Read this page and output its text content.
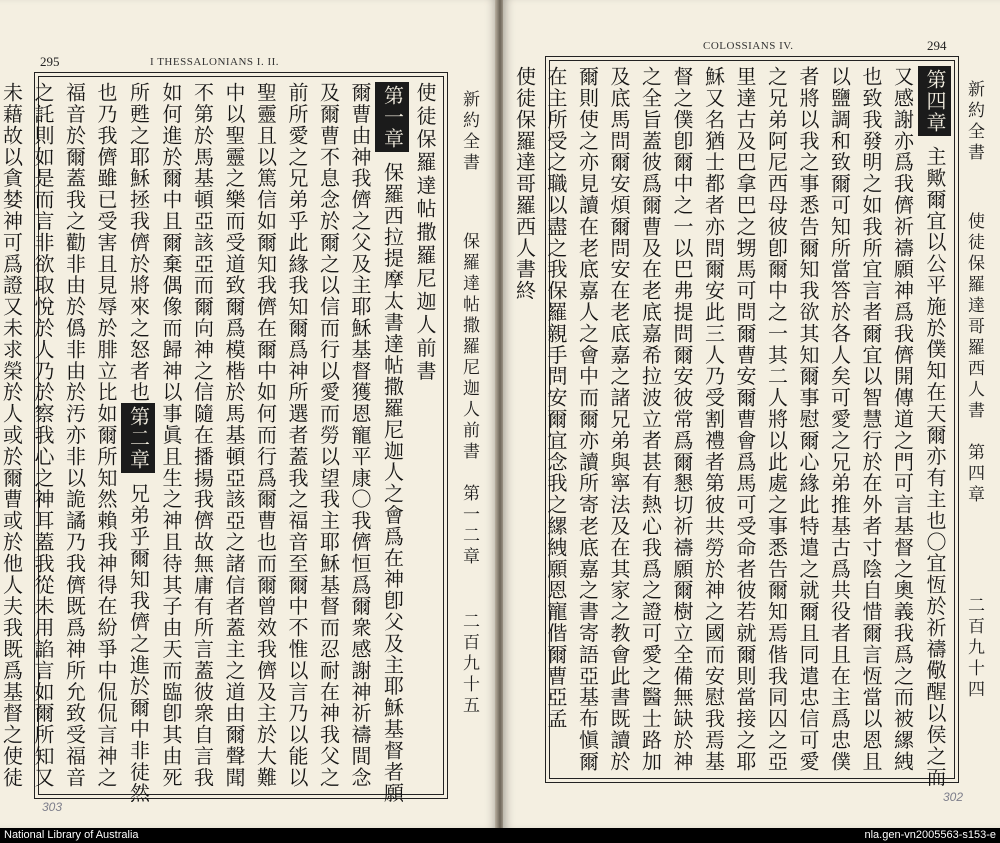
295	I THESSALONIANS I. II.
使徒保羅達帖撒羅尼迦人前書
第一章 保羅西拉提摩太書達帖撒羅尼迦人之會爲在神卽父及主耶穌基督者願
爾曹由神我儕之父及主耶穌基督獲恩寵平康〇我儕恒爲爾衆感謝神祈禱間念
及爾曹不息念於爾之以信而行以愛而勞以望我主耶穌基督而忍耐在神我父之
前所愛之兄弟乎此緣我知爾爲神所選者蓋我之福音至爾中不惟以言乃以能以
聖靈且以篤信如爾知我儕在爾中如何而行爲爾曹也而爾曾效我儕及主於大難
中以聖靈之樂而受道致爾爲模楷於馬基頓亞該亞之諸信者蓋主之道由爾聲聞
不第於馬基頓亞該亞而爾向神之信隨在播揚我儕故無庸有所言蓋彼衆自言我
如何進於爾中且爾棄偶像而歸神以事眞且生之神且待其子由天而臨卽其由死
所甦之耶穌拯我儕於將來之怒者也第二章 兄弟乎爾知我儕之進於爾中非徒然
也乃我儕雖已受害且見辱於腓立比如爾所知然賴我神得在紛爭中侃侃言神之
福音於爾蓋我之勸非由於僞非由於汚亦非以詭譎乃我儕既爲神所允致受福音
之託則如是而言非欲取悅於人乃於察我心之神耳蓋我從未用諂言如爾所知又
未藉故以貪婪神可爲證又未求榮於人或於爾曹或於他人夫我既爲基督之使徒	新約全書
保羅達帖撒羅尼迦人前書　第一二章
二百九十五
303
COLOSSIANS IV.	294
第四章 主歟爾宜以公平施於僕知在天爾亦有主也〇宜恆於祈禱儆醒以侯之而
又感謝亦爲我儕祈禱願神爲我儕開傳道之門可言基督之奧義我爲之而被縲絏
也致我發明之如我所宜言者爾宜以智慧行於在外者寸陰自惜爾言恆當以恩且
以鹽調和致爾可知所當答於各人矣可愛之兄弟推基古爲共役者且在主爲忠僕
者將以我之事悉告爾知我欲其知爾事慰爾心緣此特遣之就爾且同遣忠信可愛
之兄弟阿尼西母彼卽爾中之一其二人將以此處之事悉告爾知焉偕我同囚之亞
里達古及巴拿巴之甥馬可問爾曹安爾曹會爲馬可受命者彼若就爾則當接之耶
穌又名猶士都者亦問爾安此三人乃受割禮者第彼共勞於神之國而安慰我焉基
督之僕卽爾中之一以巴弗提問爾安彼常爲爾懇切祈禱願爾樹立全備無缺於神
之全旨蓋彼爲爾曹及在老底嘉希拉波立者甚有熱心我爲之證可愛之醫士路加
及底馬問爾安煩爾問安在老底嘉之諸兄弟與寧法及在其家之教會此書既讀於
爾則使之亦見讀在老底嘉人之會中而爾亦讀所寄老底嘉之書寄語亞基布愼爾
在主所受之職以盡之我保羅親手問安爾宜念我之縲絏願恩寵偕爾曹亞孟
使徒保羅達哥羅西人書終	新約全書
使徒保羅達哥羅西人書　第四章
二百九十四
302
National Library of Australia	nla.gen-vn2005563-s153-e
